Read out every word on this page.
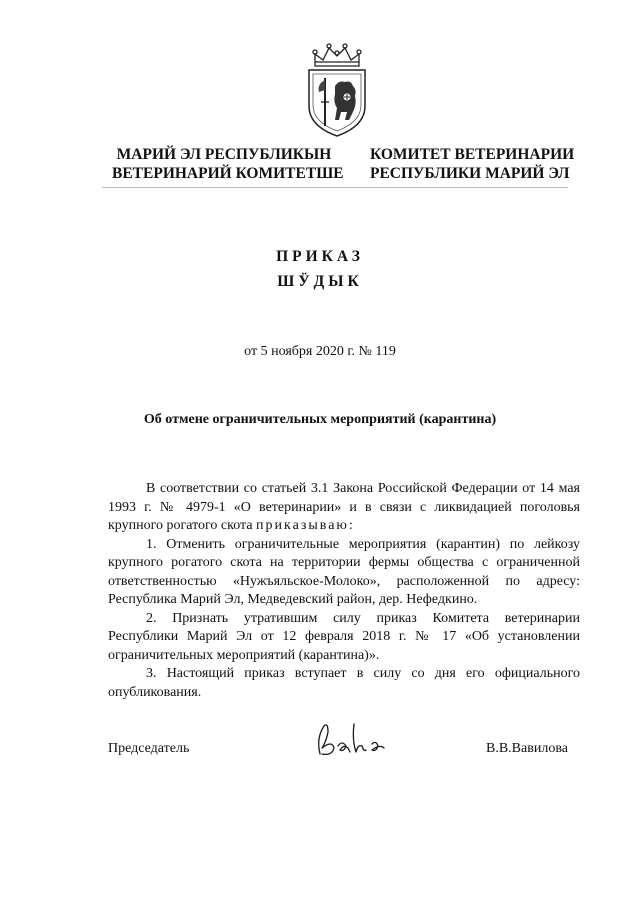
МАРИЙ ЭЛ РЕСПУБЛИКЫН
ВЕТЕРИНАРИЙ КОМИТЕТШЕ
КОМИТЕТ ВЕТЕРИНАРИИ
РЕСПУБЛИКИ МАРИЙ ЭЛ
ПРИКАЗ
ШӰДЫК
от 5 ноября 2020 г. № 119
Об отмене ограничительных мероприятий (карантина)

В соответствии со статьей 3.1 Закона Российской Федерации от 14 мая 1993 г. № 4979-1 «О ветеринарии» и в связи с ликвидацией поголовья крупного рогатого скота приказываю:

1. Отменить ограничительные мероприятия (карантин) по лейкозу крупного рогатого скота на территории фермы общества с ограниченной ответственностью «Нужъяльское-Молоко», расположенной по адресу: Республика Марий Эл, Медведевский район, дер. Нефедкино.

2. Признать утратившим силу приказ Комитета ветеринарии Республики Марий Эл от 12 февраля 2018 г. № 17 «Об установлении ограничительных мероприятий (карантина)».

3. Настоящий приказ вступает в силу со дня его официального опубликования.

Председатель	В.В.Вавилова
